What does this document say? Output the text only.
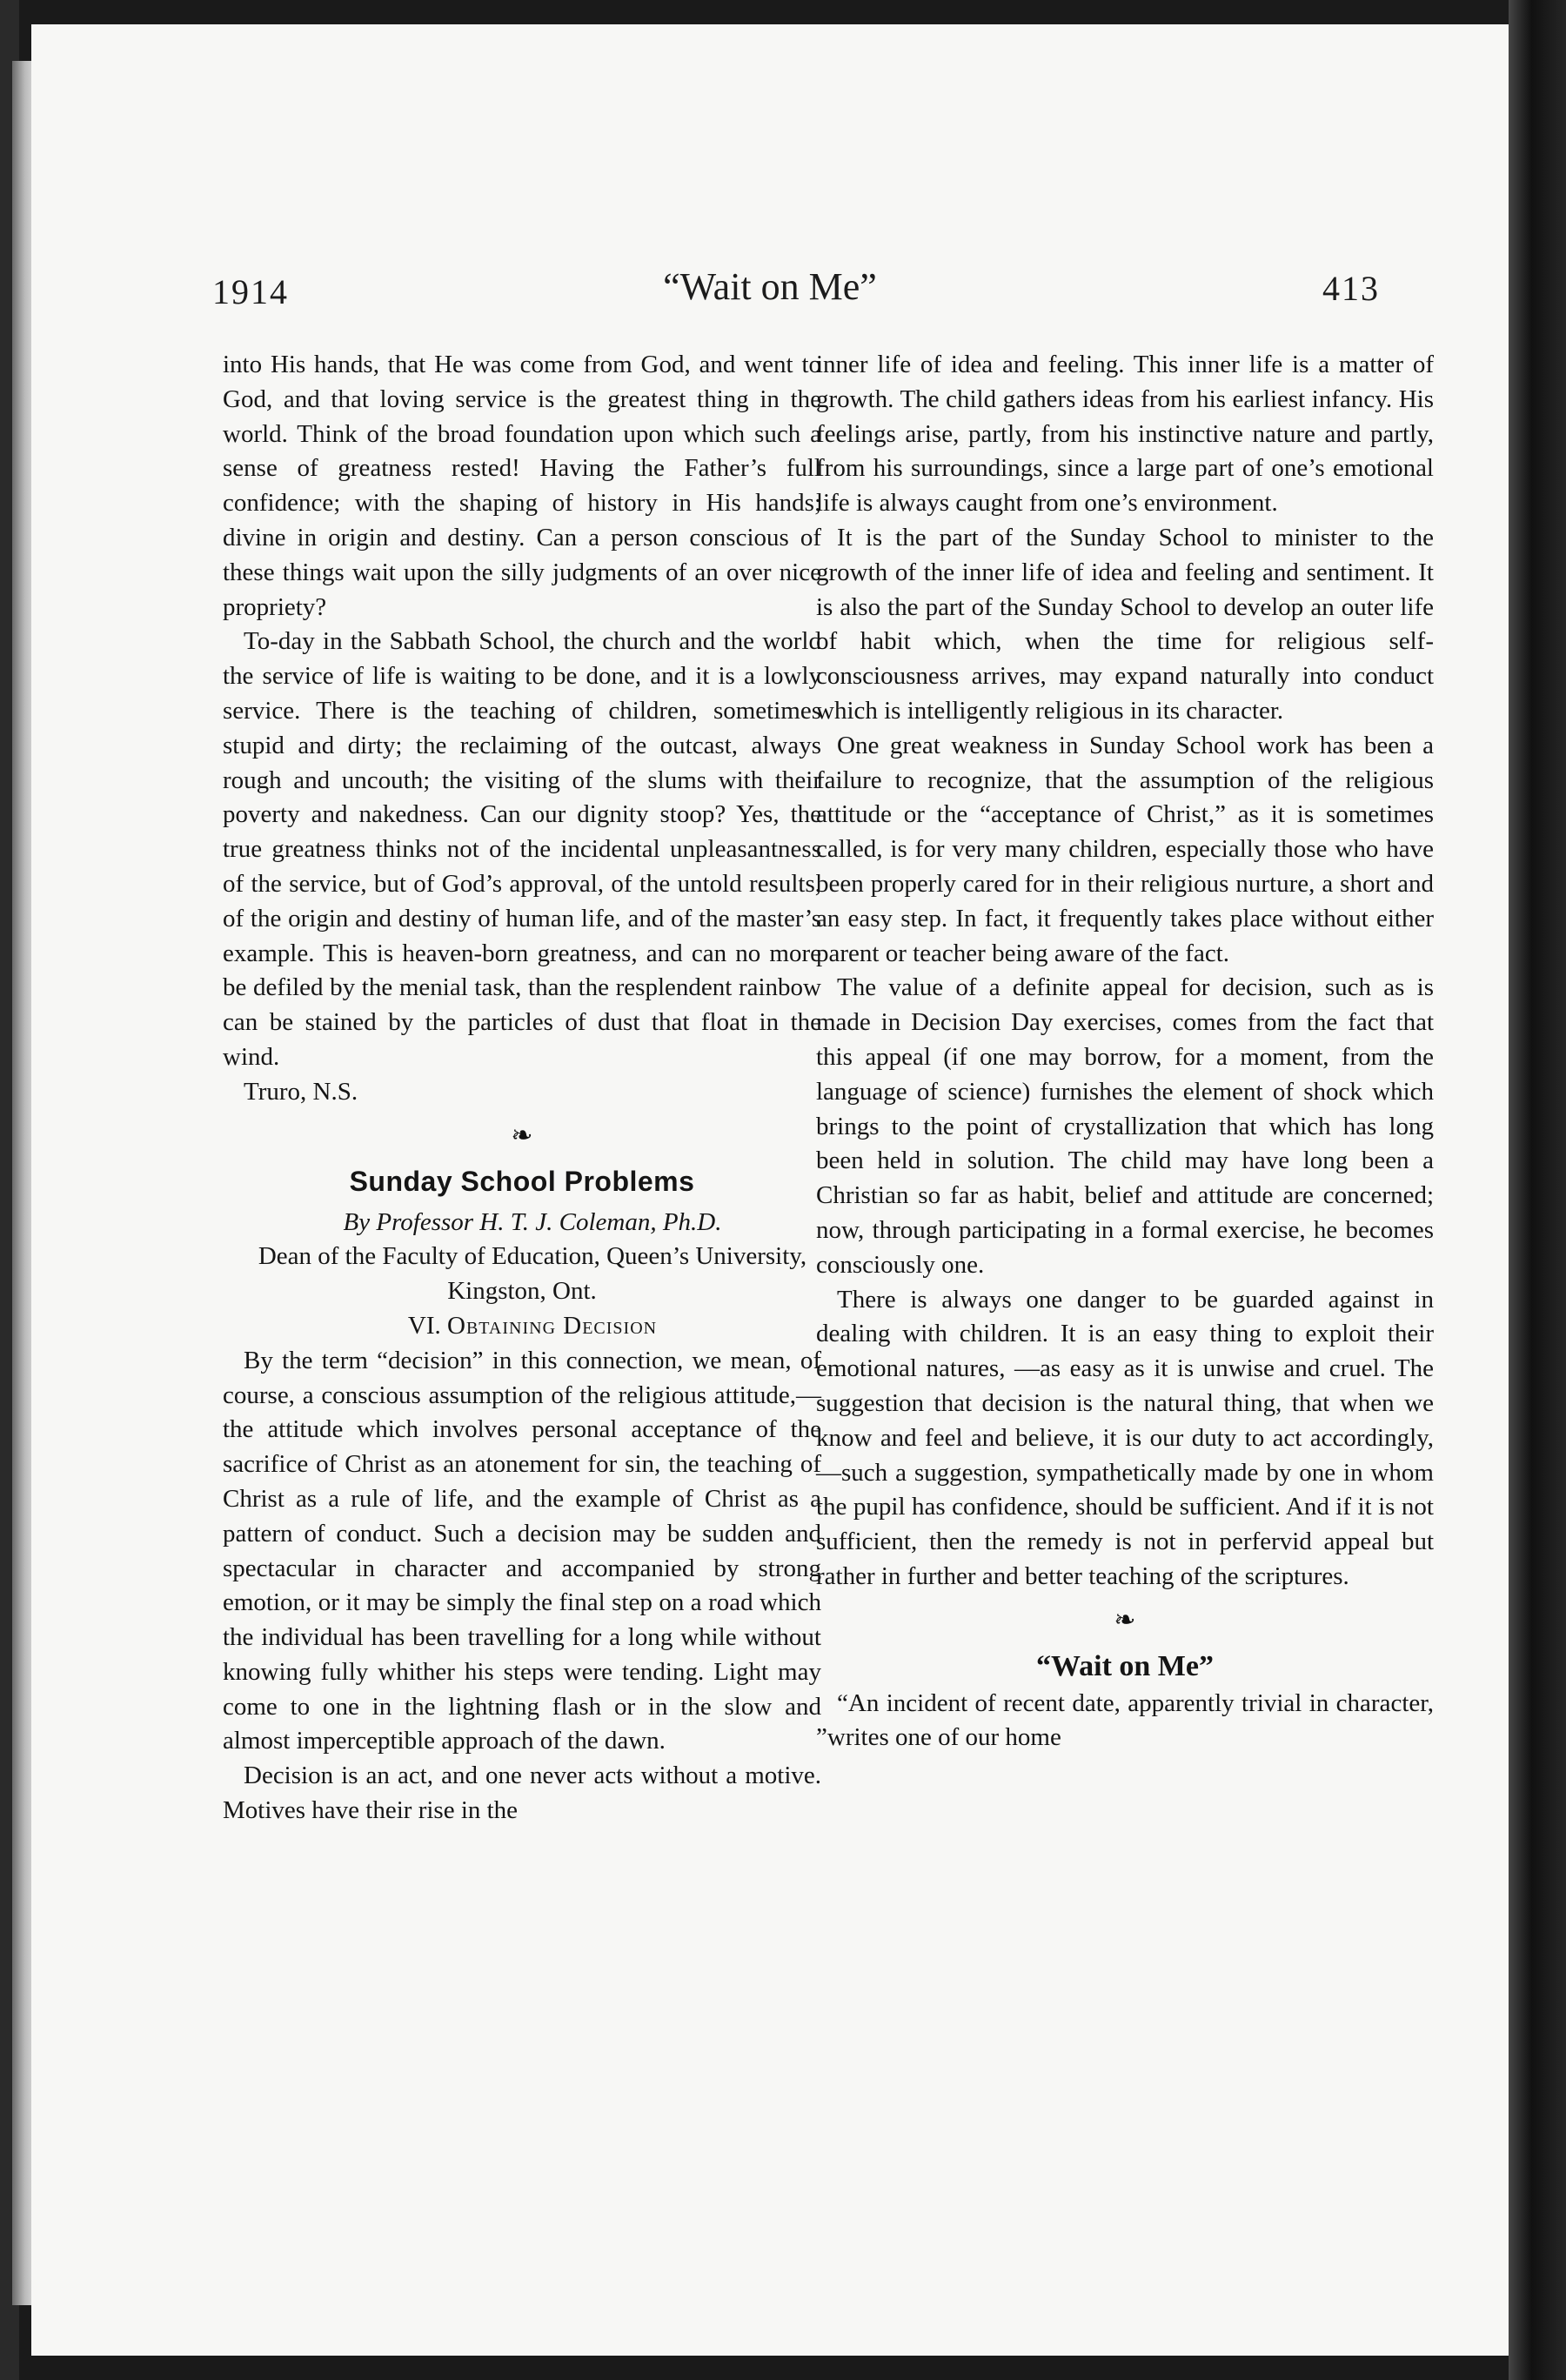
1914	“Wait on Me”	413

into His hands, that He was come from God, and went to God, and that loving service is the greatest thing in the world. Think of the broad foundation upon which such a sense of greatness rested! Having the Father’s full confidence; with the shaping of history in His hands; divine in origin and destiny. Can a person conscious of these things wait upon the silly judgments of an over nice propriety?

To-day in the Sabbath School, the church and the world the service of life is waiting to be done, and it is a lowly service. There is the teaching of children, sometimes stupid and dirty; the reclaiming of the outcast, always rough and uncouth; the visiting of the slums with their poverty and nakedness. Can our dignity stoop? Yes, the true greatness thinks not of the incidental unpleasantness of the service, but of God’s approval, of the untold results, of the origin and destiny of human life, and of the master’s example. This is heaven-born greatness, and can no more be defiled by the menial task, than the resplendent rainbow can be stained by the particles of dust that float in the wind.

Truro, N.S.

❧
Sunday School Problems

By Professor H. T. J. Coleman, Ph.D.

Dean of the Faculty of Education, Queen’s University, Kingston, Ont.

VI. Obtaining Decision

By the term “decision” in this connection, we mean, of course, a conscious assumption of the religious attitude,—the attitude which involves personal acceptance of the sacrifice of Christ as an atonement for sin, the teaching of Christ as a rule of life, and the example of Christ as a pattern of conduct. Such a decision may be sudden and spectacular in character and accompanied by strong emotion, or it may be simply the final step on a road which the individual has been travelling for a long while without knowing fully whither his steps were tending. Light may come to one in the lightning flash or in the slow and almost imperceptible approach of the dawn.

Decision is an act, and one never acts without a motive. Motives have their rise in the

inner life of idea and feeling. This inner life is a matter of growth. The child gathers ideas from his earliest infancy. His feelings arise, partly, from his instinctive nature and partly, from his surroundings, since a large part of one’s emotional life is always caught from one’s environment.

It is the part of the Sunday School to minister to the growth of the inner life of idea and feeling and sentiment. It is also the part of the Sunday School to develop an outer life of habit which, when the time for religious self-consciousness arrives, may expand naturally into conduct which is intelligently religious in its character.

One great weakness in Sunday School work has been a failure to recognize, that the assumption of the religious attitude or the “acceptance of Christ,” as it is sometimes called, is for very many children, especially those who have been properly cared for in their religious nurture, a short and an easy step. In fact, it frequently takes place without either parent or teacher being aware of the fact.

The value of a definite appeal for decision, such as is made in Decision Day exercises, comes from the fact that this appeal (if one may borrow, for a moment, from the language of science) furnishes the element of shock which brings to the point of crystallization that which has long been held in solution. The child may have long been a Christian so far as habit, belief and attitude are concerned; now, through participating in a formal exercise, he becomes consciously one.

There is always one danger to be guarded against in dealing with children. It is an easy thing to exploit their emotional natures, —as easy as it is unwise and cruel. The suggestion that decision is the natural thing, that when we know and feel and believe, it is our duty to act accordingly,—such a suggestion, sympathetically made by one in whom the pupil has confidence, should be sufficient. And if it is not sufficient, then the remedy is not in perfervid appeal but rather in further and better teaching of the scriptures.

❧
“Wait on Me”

“An incident of recent date, apparently trivial in character, ”writes one of our home
